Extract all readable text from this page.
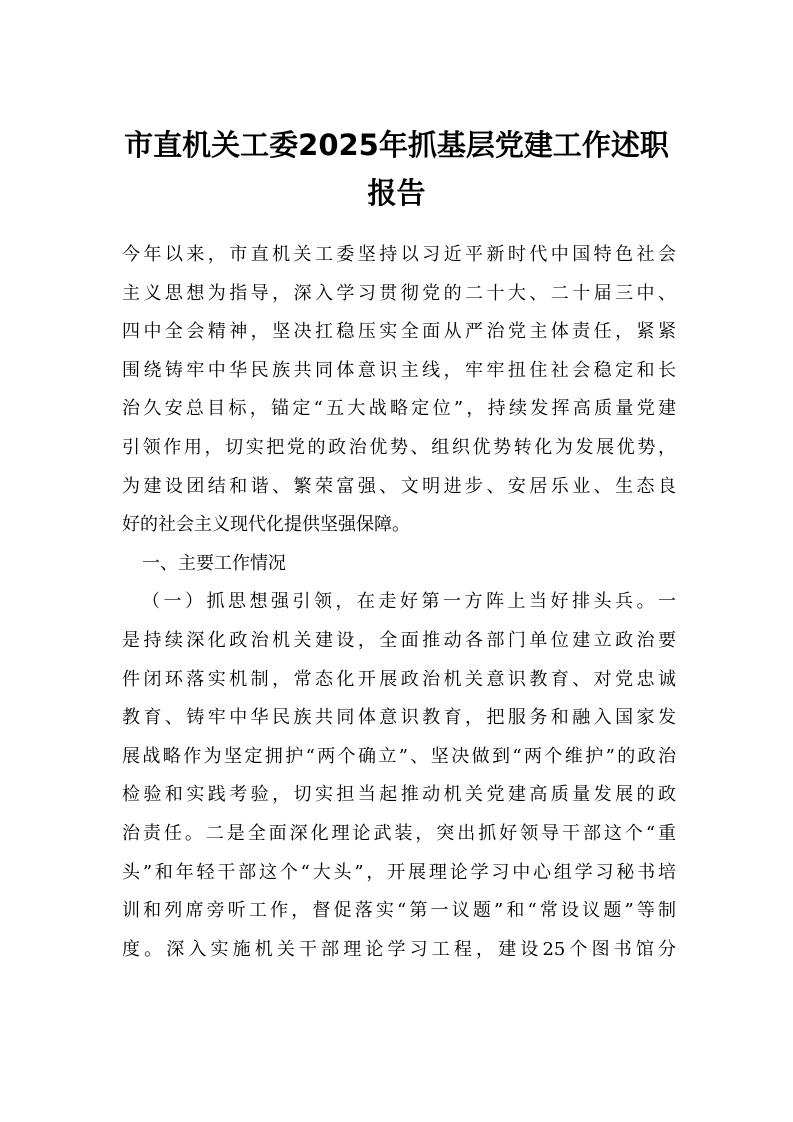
市直机关工委2025年抓基层党建工作述职
报告
今年以来，市直机关工委坚持以习近平新时代中国特色社会
主义思想为指导，深入学习贯彻党的二十大、二十届三中、
四中全会精神，坚决扛稳压实全面从严治党主体责任，紧紧
围绕铸牢中华民族共同体意识主线，牢牢扭住社会稳定和长
治久安总目标，锚定“五大战略定位”，持续发挥高质量党建
引领作用，切实把党的政治优势、组织优势转化为发展优势，
为建设团结和谐、繁荣富强、文明进步、安居乐业、生态良
好的社会主义现代化提供坚强保障。
一、主要工作情况
（一）抓思想强引领，在走好第一方阵上当好排头兵。一
是持续深化政治机关建设，全面推动各部门单位建立政治要
件闭环落实机制，常态化开展政治机关意识教育、对党忠诚
教育、铸牢中华民族共同体意识教育，把服务和融入国家发
展战略作为坚定拥护“两个确立”、坚决做到“两个维护”的政治
检验和实践考验，切实担当起推动机关党建高质量发展的政
治责任。二是全面深化理论武装，突出抓好领导干部这个“重
头”和年轻干部这个“大头”，开展理论学习中心组学习秘书培
训和列席旁听工作，督促落实“第一议题”和“常设议题”等制
度。深入实施机关干部理论学习工程，建设25个图书馆分
